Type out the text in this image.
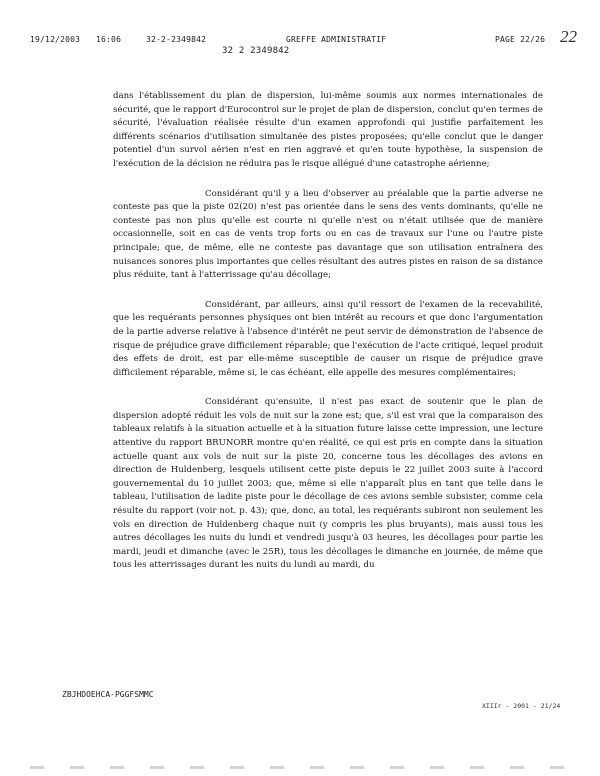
19/12/2003 16:06	32-2-2349842	GREFFE ADMINISTRATIF	PAGE 22/26
32 2 2349842
22

dans l'établissement du plan de dispersion, lui-même soumis aux normes internationales de sécurité, que le rapport d'Eurocontrol sur le projet de plan de dispersion, conclut qu'en termes de sécurité, l'évaluation réalisée résulte d'un examen approfondi qui justifie parfaitement les différents scénarios d'utilisation simultanée des pistes proposées; qu'elle conclut que le danger potentiel d'un survol aérien n'est en rien aggravé et qu'en toute hypothèse, la suspension de l'exécution de la décision ne réduira pas le risque allégué d'une catastrophe aérienne;

Considérant qu'il y a lieu d'observer au préalable que la partie adverse ne conteste pas que la piste 02(20) n'est pas orientée dans le sens des vents dominants, qu'elle ne conteste pas non plus qu'elle est courte ni qu'elle n'est ou n'était utilisée que de manière occasionnelle, soit en cas de vents trop forts ou en cas de travaux sur l'une ou l'autre piste principale; que, de même, elle ne conteste pas davantage que son utilisation entraînera des nuisances sonores plus importantes que celles résultant des autres pistes en raison de sa distance plus réduite, tant à l'atterrissage qu'au décollage;

Considérant, par ailleurs, ainsi qu'il ressort de l'examen de la recevabilité, que les requérants personnes physiques ont bien intérêt au recours et que donc l'argumentation de la partie adverse relative à l'absence d'intérêt ne peut servir de démonstration de l'absence de risque de préjudice grave difficilement réparable; que l'exécution de l'acte critiqué, lequel produit des effets de droit, est par elle-même susceptible de causer un risque de préjudice grave difficilement réparable, même si, le cas échéant, elle appelle des mesures complémentaires;

Considérant qu'ensuite, il n'est pas exact de soutenir que le plan de dispersion adopté réduit les vols de nuit sur la zone est; que, s'il est vrai que la comparaison des tableaux relatifs à la situation actuelle et à la situation future laisse cette impression, une lecture attentive du rapport BRUNORR montre qu'en réalité, ce qui est pris en compte dans la situation actuelle quant aux vols de nuit sur la piste 20, concerne tous les décollages des avions en direction de Huldenberg, lesquels utilisent cette piste depuis le 22 juillet 2003 suite à l'accord gouvernemental du 10 juillet 2003; que, même si elle n'apparaît plus en tant que telle dans le tableau, l'utilisation de ladite piste pour le décollage de ces avions semble subsister, comme cela résulte du rapport (voir not. p. 43); que, donc, au total, les requérants subiront non seulement les vols en direction de Huldenberg chaque nuit (y compris les plus bruyants), mais aussi tous les autres décollages les nuits du lundi et vendredi jusqu'à 03 heures, les décollages pour partie les mardi, jeudi et dimanche (avec le 25R), tous les décollages le dimanche en journée, de même que tous les atterrissages durant les nuits du lundi au mardi, du

ZBJHDOEHCA-PGGFSMMC
XIIIr - 2001 - 21/24
